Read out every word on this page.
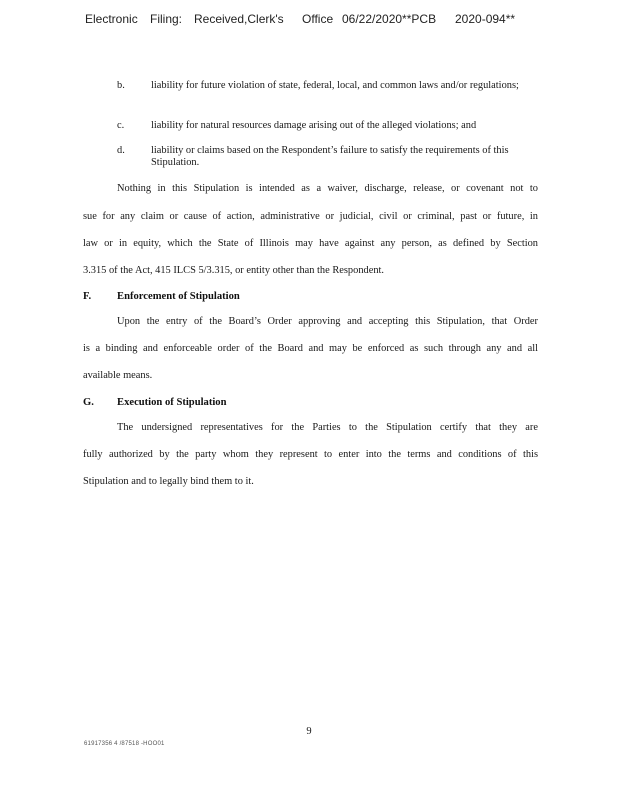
Electronic Filing: Received,Clerk's Office 06/22/2020**PCB 2020-094**
b.	liability for future violation of state, federal, local, and common laws and/or regulations;
c.	liability for natural resources damage arising out of the alleged violations; and
d.	liability or claims based on the Respondent’s failure to satisfy the requirements of this Stipulation.
Nothing in this Stipulation is intended as a waiver, discharge, release, or covenant not to
sue for any claim or cause of action, administrative or judicial, civil or criminal, past or future, in
law or in equity, which the State of Illinois may have against any person, as defined by Section
3.315 of the Act, 415 ILCS 5/3.315, or entity other than the Respondent.
F. Enforcement of Stipulation
Upon the entry of the Board’s Order approving and accepting this Stipulation, that Order
is a binding and enforceable order of the Board and may be enforced as such through any and all
available means.
G. Execution of Stipulation
The undersigned representatives for the Parties to the Stipulation certify that they are
fully authorized by the party whom they represent to enter into the terms and conditions of this
Stipulation and to legally bind them to it.
9
61917356 4 /87518 -HOO01
